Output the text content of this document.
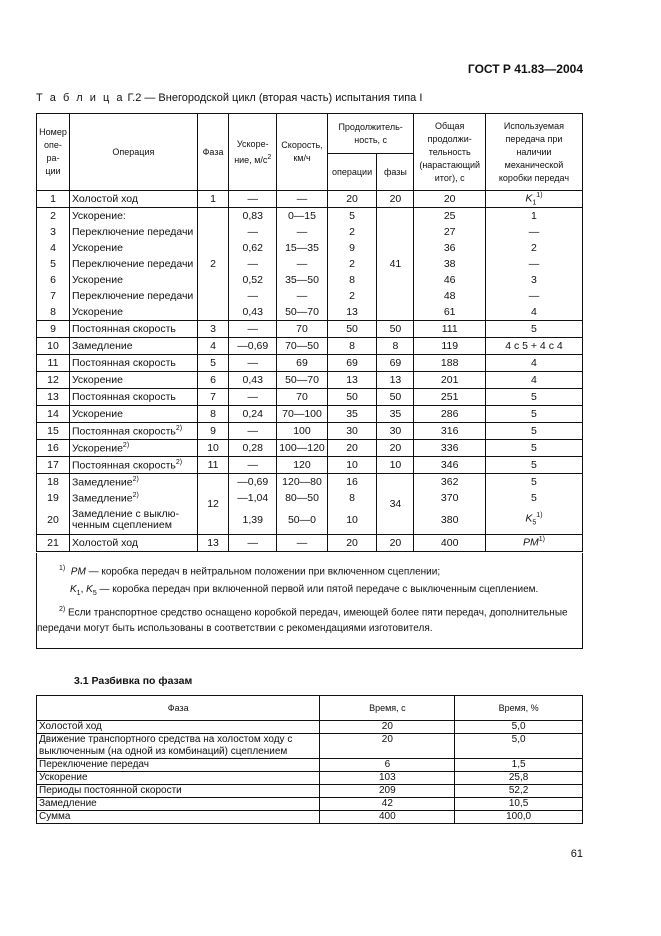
ГОСТ Р 41.83—2004
Т а б л и ц а Г.2 — Внегородской цикл (вторая часть) испытания типа I
Номер опе-ра-ции	Операция	Фаза	Ускоре-ние, $м/с^2$	Скорость, км/ч	Продолжитель-ность, с		Общая продолжи-тельность (нарастающий итог), с	Используемая передача при наличии механической коробки передач
					операции	фазы		
1	Холостой ход	1	—	—	20	20	20	$K_1^{1)}$
2	Ускорение:	2	0,83	0—15	5	41	25	1
3	Переключение передачи		—	—	2		27	—
4	Ускорение		0,62	15—35	9		36	2
5	Переключение передачи		—	—	2		38	—
6	Ускорение		0,52	35—50	8		46	3
7	Переключение передачи		—	—	2		48	—
8	Ускорение		0,43	50—70	13		61	4
9	Постоянная скорость	3	—	70	50	50	111	5
10	Замедление	4	—0,69	70—50	8	8	119	4 с 5 + 4 с 4
11	Постоянная скорость	5	—	69	69	69	188	4
12	Ускорение	6	0,43	50—70	13	13	201	4
13	Постоянная скорость	7	—	70	50	50	251	5
14	Ускорение	8	0,24	70—100	35	35	286	5
15	Постоянная скорость$^{2)}$	9	—	100	30	30	316	5
16	Ускорение$^{2)}$	10	0,28	100—120	20	20	336	5
17	Постоянная скорость$^{2)}$	11	—	120	10	10	346	5
18	Замедление$^{2)}$	12	—0,69	120—80	16	34	362	5
19	Замедление$^{2)}$		—1,04	80—50	8		370	5
20	Замедление с выклю-ченным сцеплением		1,39	50—0	10		380	$K_5^{1)}$
21	Холостой ход	13	—	—	20	20	400	PM$^{1)}$

$^{1)}$ PM — коробка передач в нейтральном положении при включенном сцеплении;

$K_1$, $K_5$ — коробка передач при включенной первой или пятой передаче с выключенным сцеплением.

$^{2)}$ Если транспортное средство оснащено коробкой передач, имеющей более пяти передач, дополнительные передачи могут быть использованы в соответствии с рекомендациями изготовителя.

3.1 Разбивка по фазам
Фаза	Время, с	Время, %
Холостой ход	20	5,0
Движение транспортного средства на холостом ходу с выключенным (на одной из комбинаций) сцеплением	20	5,0
Переключение передач	6	1,5
Ускорение	103	25,8
Периоды постоянной скорости	209	52,2
Замедление	42	10,5
Сумма	400	100,0
61
